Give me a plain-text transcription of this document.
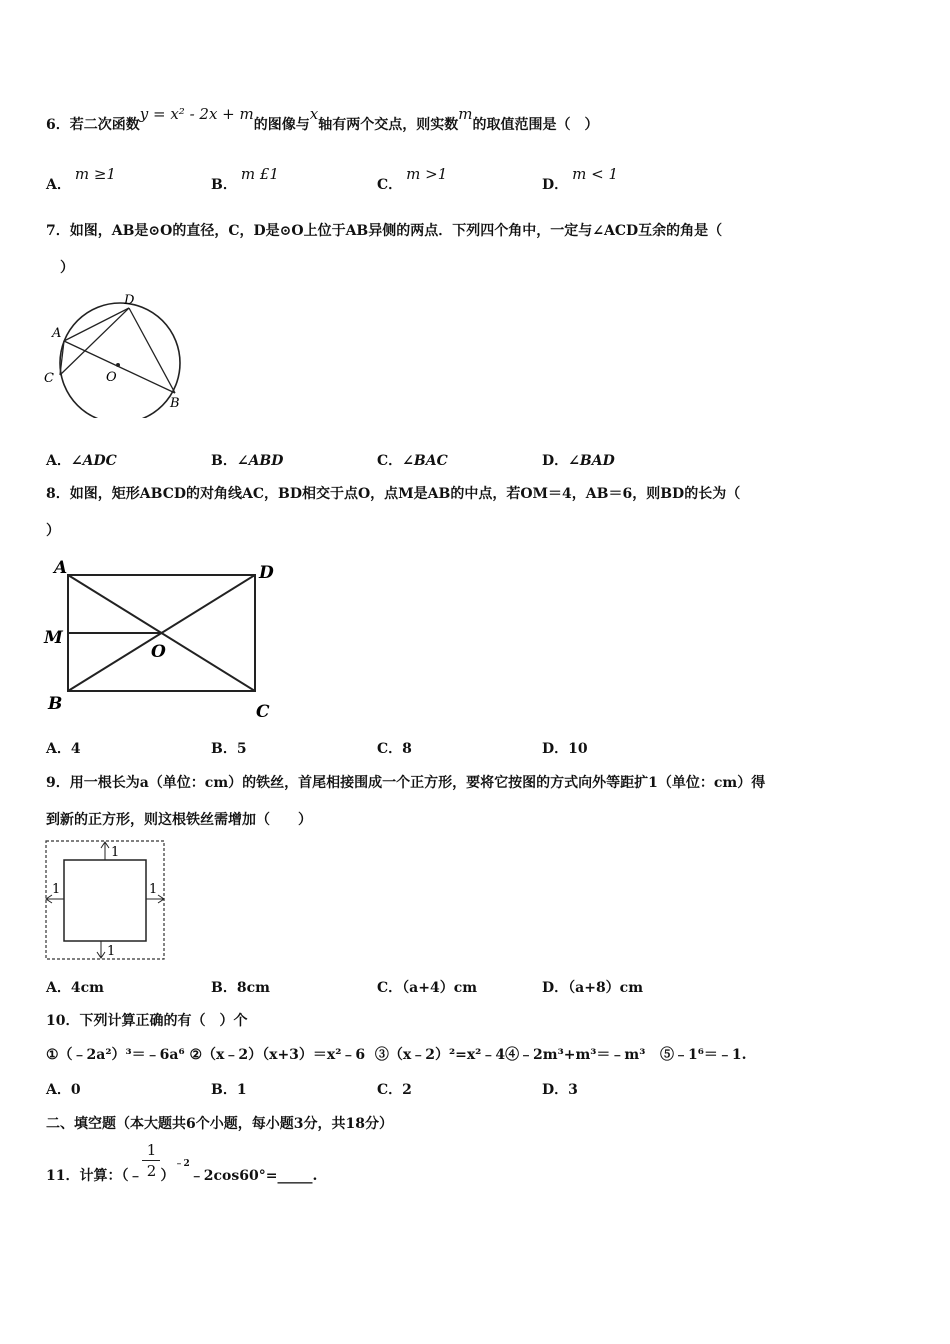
6．若二次函数y = x² - 2x + m的图像与x轴有两个交点，则实数m的取值范围是（　）
A．m ≥1
B．m £1
C．m >1
D．m < 1
7．如图，AB是⊙O的直径，C，D是⊙O上位于AB异侧的两点．下列四个角中，一定与∠ACD互余的角是（
）
D
A
C	O
B
A．∠ADC	B．∠ABD	C．∠BAC	D．∠BAD
8．如图，矩形ABCD的对角线AC，BD相交于点O，点M是AB的中点，若OM＝4，AB＝6，则BD的长为（
）
A	D
M
O
B	C
A．4	B．5	C．8	D．10
9．用一根长为a（单位：cm）的铁丝，首尾相接围成一个正方形，要将它按图的方式向外等距扩1（单位：cm）得
到新的正方形，则这根铁丝需增加（　　）
1
1	1
1
A．4cm	B．8cm	C．（a+4）cm	D．（a+8）cm
10．下列计算正确的有（　）个
①（﹣2a²）³＝﹣6a⁶ ②（x﹣2）（x+3）＝x²﹣6 ③（x﹣2）²=x²﹣4④﹣2m³+m³＝﹣m³ ⑤﹣1⁶＝﹣1.
A．0	B．1	C．2	D．3
二、填空题（本大题共6个小题，每小题3分，共18分）
11．计算：（﹣ $\frac{1}{2}$ ）﹣2﹣2cos60°=_____.
